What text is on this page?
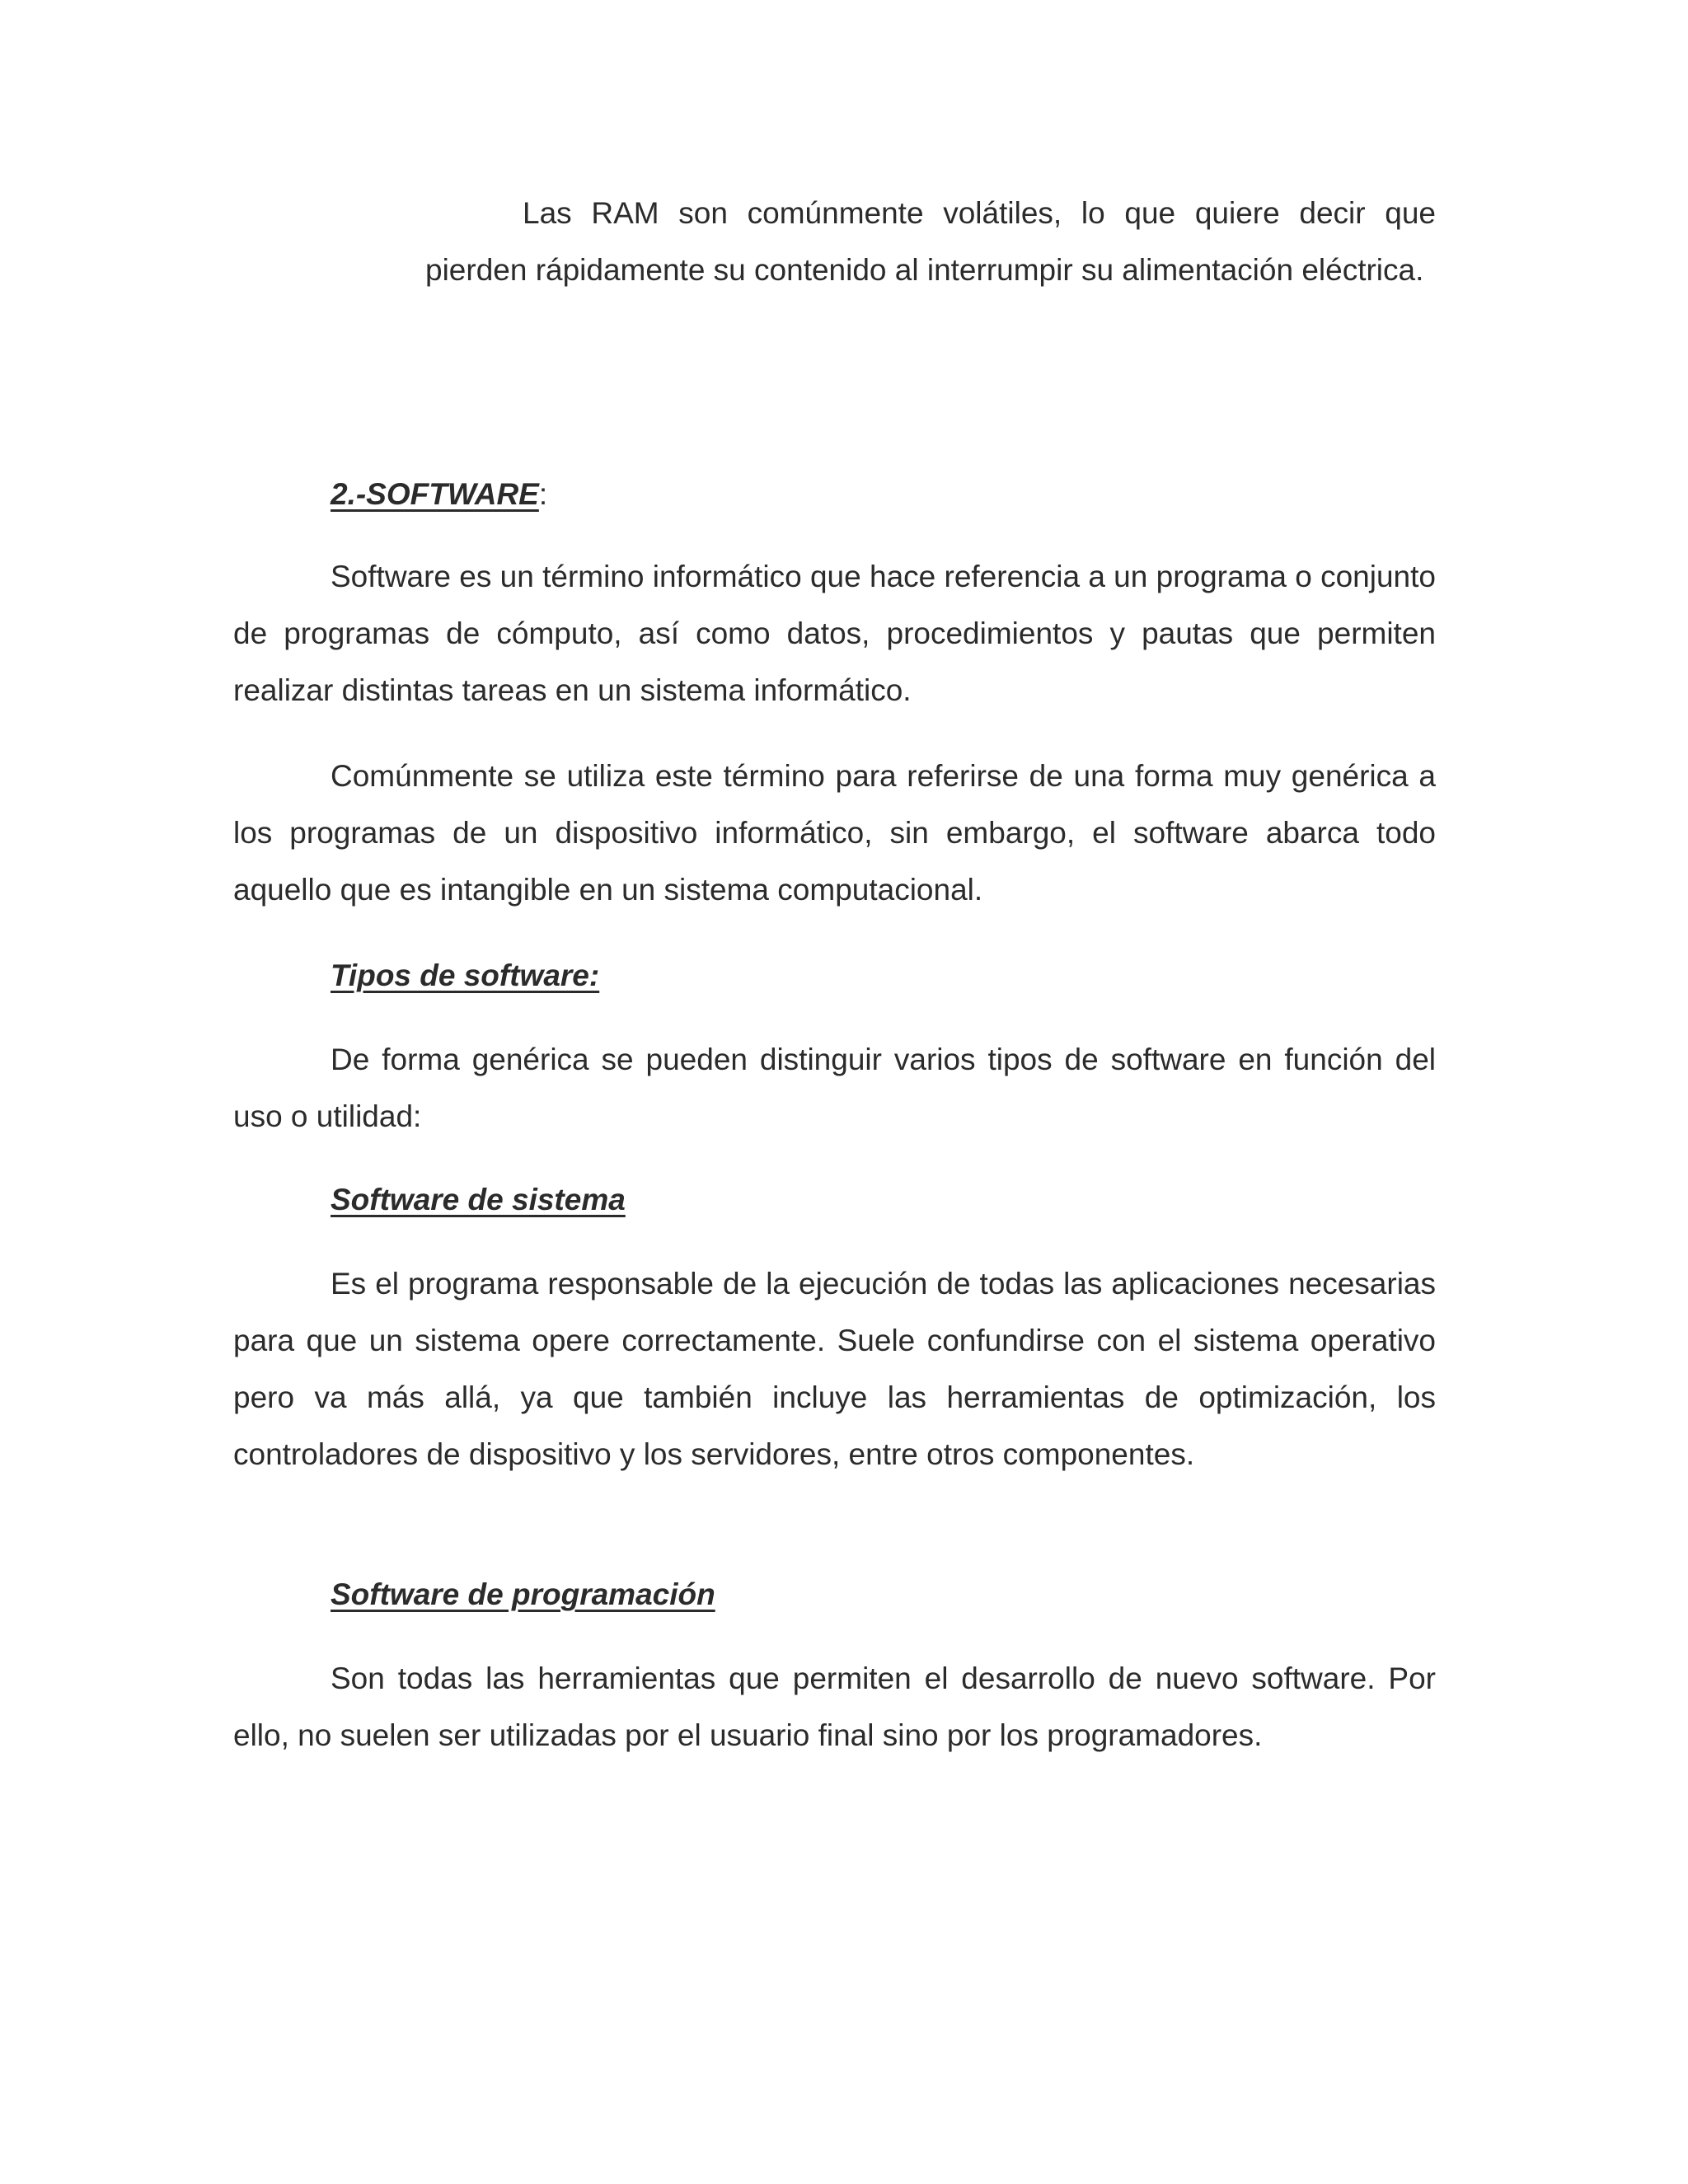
Las RAM son comúnmente volátiles, lo que quiere decir que pierden rápidamente su contenido al interrumpir su alimentación eléctrica.

2.-SOFTWARE:

Software es un término informático que hace referencia a un programa o conjunto de programas de cómputo, así como datos, procedimientos y pautas que permiten realizar distintas tareas en un sistema informático.

Comúnmente se utiliza este término para referirse de una forma muy genérica a los programas de un dispositivo informático, sin embargo, el software abarca todo aquello que es intangible en un sistema computacional.

Tipos de software:

De forma genérica se pueden distinguir varios tipos de software en función del uso o utilidad:

Software de sistema

Es el programa responsable de la ejecución de todas las aplicaciones necesarias para que un sistema opere correctamente. Suele confundirse con el sistema operativo pero va más allá, ya que también incluye las herramientas de optimización, los controladores de dispositivo y los servidores, entre otros componentes.

Software de programación

Son todas las herramientas que permiten el desarrollo de nuevo software. Por ello, no suelen ser utilizadas por el usuario final sino por los programadores.
